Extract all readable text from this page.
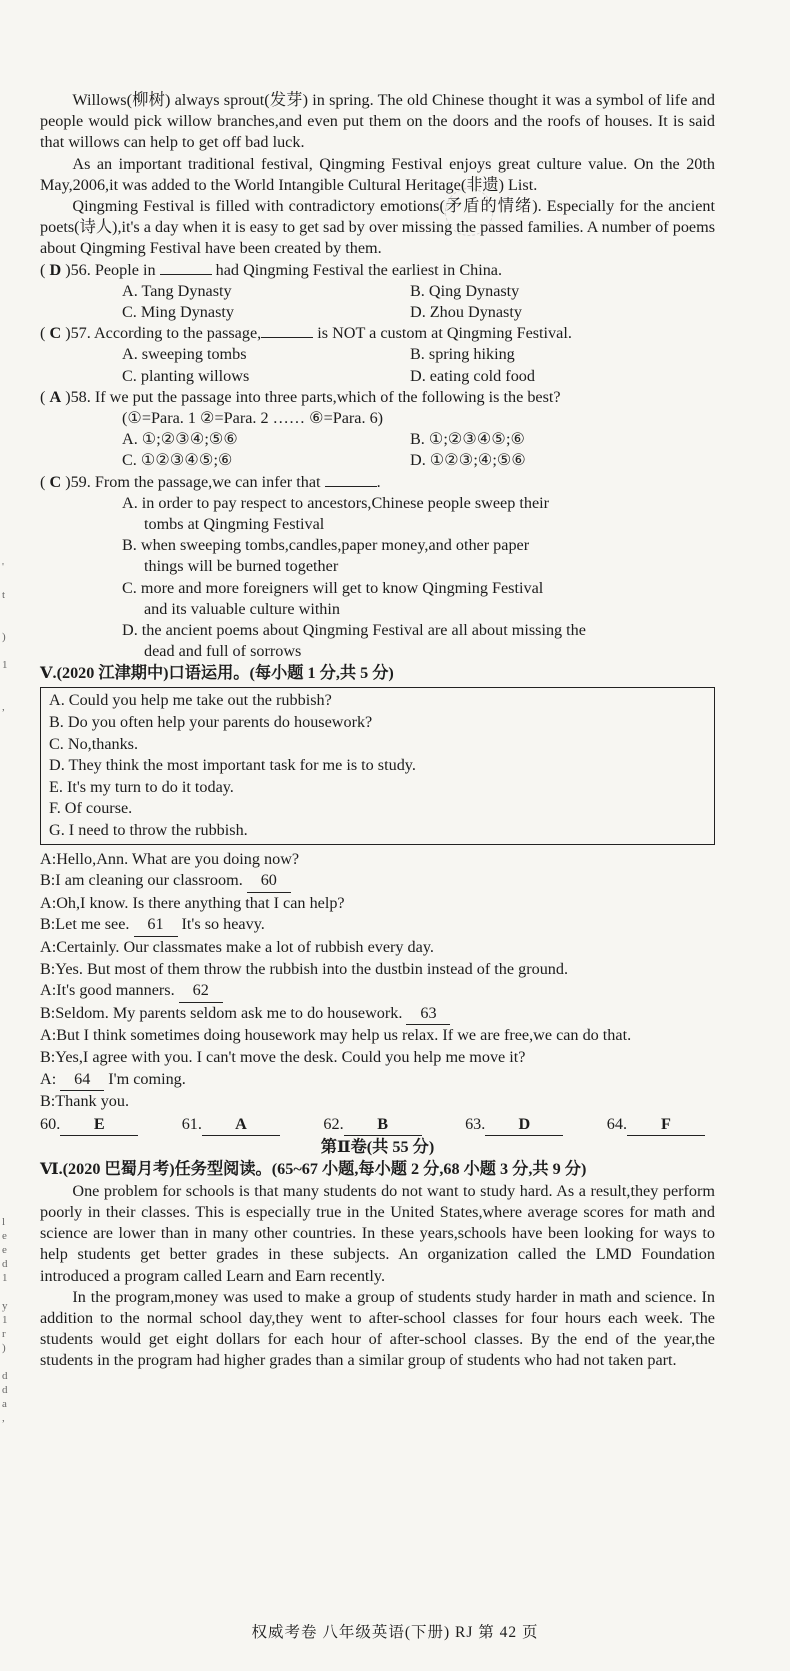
'

t

)

1

,
l
e
e
d
1

y
1
r
)

d
d
a
,

Willows(柳树) always sprout(发芽) in spring. The old Chinese thought it was a symbol of life and people would pick willow branches,and even put them on the doors and the roofs of houses. It is said that willows can help to get off bad luck.

As an important traditional festival, Qingming Festival enjoys great culture value. On the 20th May,2006,it was added to the World Intangible Cultural Heritage(非遗) List.

Qingming Festival is filled with contradictory emotions(矛盾的情绪). Especially for the ancient poets(诗人),it's a day when it is easy to get sad by over missing the passed families. A number of poems about Qingming Festival have been created by them.

( D )56. People in	had Qingming Festival the earliest in China.
A. Tang Dynasty	B. Qing Dynasty
C. Ming Dynasty	D. Zhou Dynasty
( C )57. According to the passage,	is NOT a custom at Qingming Festival.
A. sweeping tombs	B. spring hiking
C. planting willows	D. eating cold food
( A )58. If we put the passage into three parts,which of the following is the best?
(①=Para. 1 ②=Para. 2 …… ⑥=Para. 6)
A. ①;②③④;⑤⑥	B. ①;②③④⑤;⑥
C. ①②③④⑤;⑥	D. ①②③;④;⑤⑥
( C )59. From the passage,we can infer that	.
A. in order to pay respect to ancestors,Chinese people sweep their
tombs at Qingming Festival
B. when sweeping tombs,candles,paper money,and other paper
things will be burned together
C. more and more foreigners will get to know Qingming Festival
and its valuable culture within
D. the ancient poems about Qingming Festival are all about missing the
dead and full of sorrows
Ⅴ.(2020 江津期中)口语运用。(每小题 1 分,共 5 分)
A. Could you help me take out the rubbish?
B. Do you often help your parents do housework?
C. No,thanks.
D. They think the most important task for me is to study.
E. It's my turn to do it today.
F. Of course.
G. I need to throw the rubbish.
A:Hello,Ann. What are you doing now?
B:I am cleaning our classroom. 60
A:Oh,I know. Is there anything that I can help?
B:Let me see. 61 It's so heavy.
A:Certainly. Our classmates make a lot of rubbish every day.
B:Yes. But most of them throw the rubbish into the dustbin instead of the ground.
A:It's good manners. 62
B:Seldom. My parents seldom ask me to do housework. 63
A:But I think sometimes doing housework may help us relax. If we are free,we can do that.
B:Yes,I agree with you. I can't move the desk. Could you help me move it?
A: 64 I'm coming.
B:Thank you.
60. E	61. A	62. B	63. D	64. F
第Ⅱ卷(共 55 分)
Ⅵ.(2020 巴蜀月考)任务型阅读。(65~67 小题,每小题 2 分,68 小题 3 分,共 9 分)

One problem for schools is that many students do not want to study hard. As a result,they perform poorly in their classes. This is especially true in the United States,where average scores for math and science are lower than in many other countries. In these years,schools have been looking for ways to help students get better grades in these subjects. An organization called the LMD Foundation introduced a program called Learn and Earn recently.

In the program,money was used to make a group of students study harder in math and science. In addition to the normal school day,they went to after-school classes for four hours each week. The students would get eight dollars for each hour of after-school classes. By the end of the year,the students in the program had higher grades than a similar group of students who had not taken part.

权威考卷 八年级英语(下册) RJ 第 42 页
